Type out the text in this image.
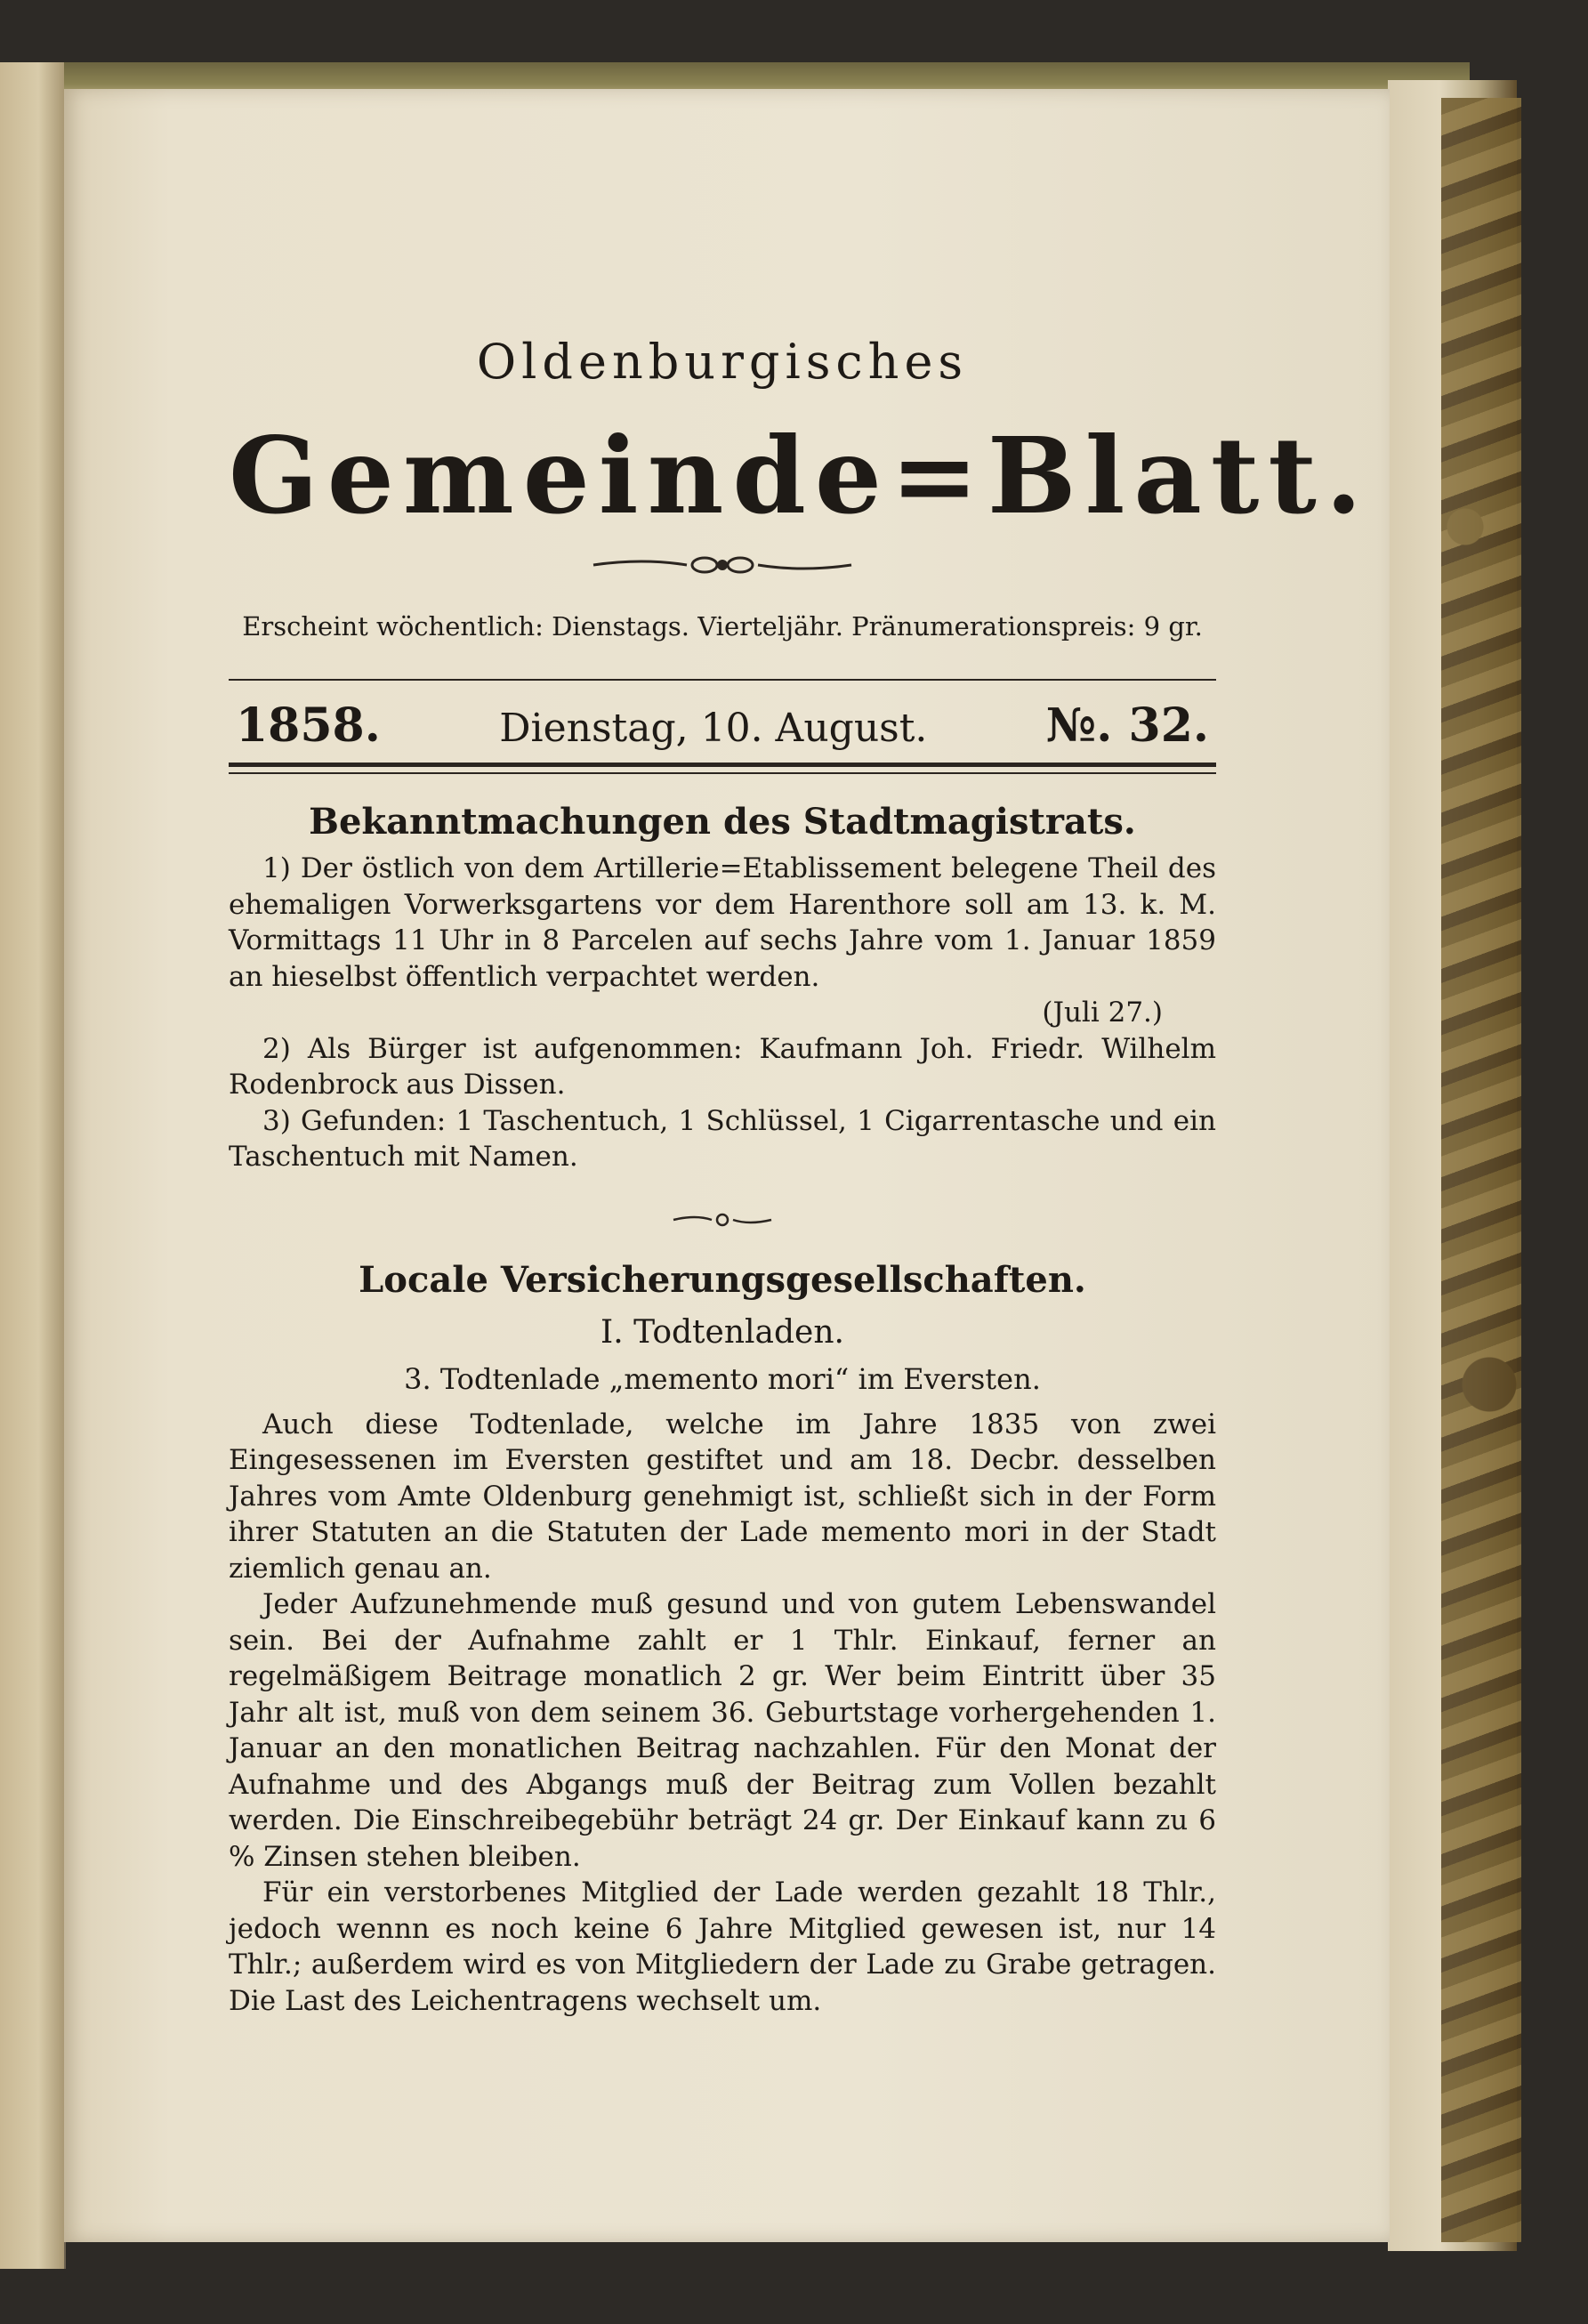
Oldenburgisches
Gemeinde=Blatt.
Erscheint wöchentlich: Dienstags. Vierteljähr. Pränumerationspreis: 9 gr.
1858.	Dienstag, 10. August.	№. 32.
Bekanntmachungen des Stadtmagistrats.

1) Der östlich von dem Artillerie=Etablissement belegene Theil des ehemaligen Vorwerksgartens vor dem Harenthore soll am 13. k. M. Vormittags 11 Uhr in 8 Parcelen auf sechs Jahre vom 1. Januar 1859 an hieselbst öffentlich verpachtet werden.

(Juli 27.)

2) Als Bürger ist aufgenommen: Kaufmann Joh. Friedr. Wilhelm Rodenbrock aus Dissen.

3) Gefunden: 1 Taschentuch, 1 Schlüssel, 1 Cigarrentasche und ein Taschentuch mit Namen.

Locale Versicherungsgesellschaften.
I. Todtenladen.
3. Todtenlade „memento mori“ im Eversten.

Auch diese Todtenlade, welche im Jahre 1835 von zwei Eingesessenen im Eversten gestiftet und am 18. Decbr. desselben Jahres vom Amte Oldenburg genehmigt ist, schließt sich in der Form ihrer Statuten an die Statuten der Lade memento mori in der Stadt ziemlich genau an.

Jeder Aufzunehmende muß gesund und von gutem Lebenswandel sein. Bei der Aufnahme zahlt er 1 Thlr. Einkauf, ferner an regelmäßigem Beitrage monatlich 2 gr. Wer beim Eintritt über 35 Jahr alt ist, muß von dem seinem 36. Geburtstage vorhergehenden 1. Januar an den monatlichen Beitrag nachzahlen. Für den Monat der Aufnahme und des Abgangs muß der Beitrag zum Vollen bezahlt werden. Die Einschreibegebühr beträgt 24 gr. Der Einkauf kann zu 6 % Zinsen stehen bleiben.

Für ein verstorbenes Mitglied der Lade werden gezahlt 18 Thlr., jedoch wennn es noch keine 6 Jahre Mitglied gewesen ist, nur 14 Thlr.; außerdem wird es von Mitgliedern der Lade zu Grabe getragen. Die Last des Leichentragens wechselt um.
